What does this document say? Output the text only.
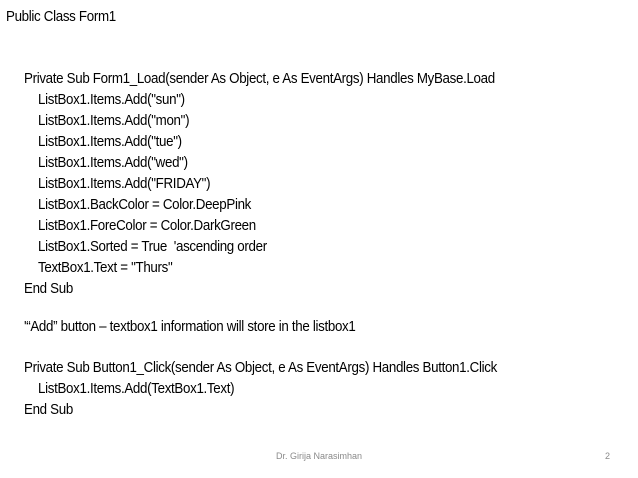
Public Class Form1
Private Sub Form1_Load(sender As Object, e As EventArgs) Handles MyBase.Load
ListBox1.Items.Add("sun")
ListBox1.Items.Add("mon")
ListBox1.Items.Add("tue")
ListBox1.Items.Add("wed")
ListBox1.Items.Add("FRIDAY")
ListBox1.BackColor = Color.DeepPink
ListBox1.ForeColor = Color.DarkGreen
ListBox1.Sorted = True  'ascending order
TextBox1.Text = "Thurs"
End Sub
'“Add” button – textbox1 information will store in the listbox1
Private Sub Button1_Click(sender As Object, e As EventArgs) Handles Button1.Click
ListBox1.Items.Add(TextBox1.Text)
End Sub
Dr. Girija Narasimhan	2
